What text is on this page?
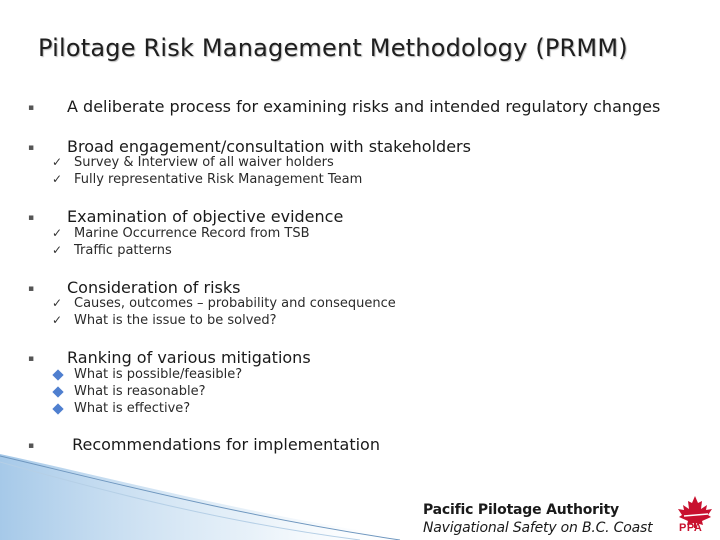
Pilotage Risk Management Methodology (PRMM)
▪ A deliberate process for examining risks and intended regulatory changes
▪ Broad engagement/consultation with stakeholders
✓ Survey & Interview of all waiver holders
✓ Fully representative Risk Management Team
▪ Examination of objective evidence
✓ Marine Occurrence Record from TSB
✓ Traffic patterns
▪ Consideration of risks
✓ Causes, outcomes – probability and consequence
✓ What is the issue to be solved?
▪ Ranking of various mitigations
What is possible/feasible?
What is reasonable?
What is effective?
▪ Recommendations for implementation
Pacific Pilotage Authority
Navigational Safety on B.C. Coast PPA
